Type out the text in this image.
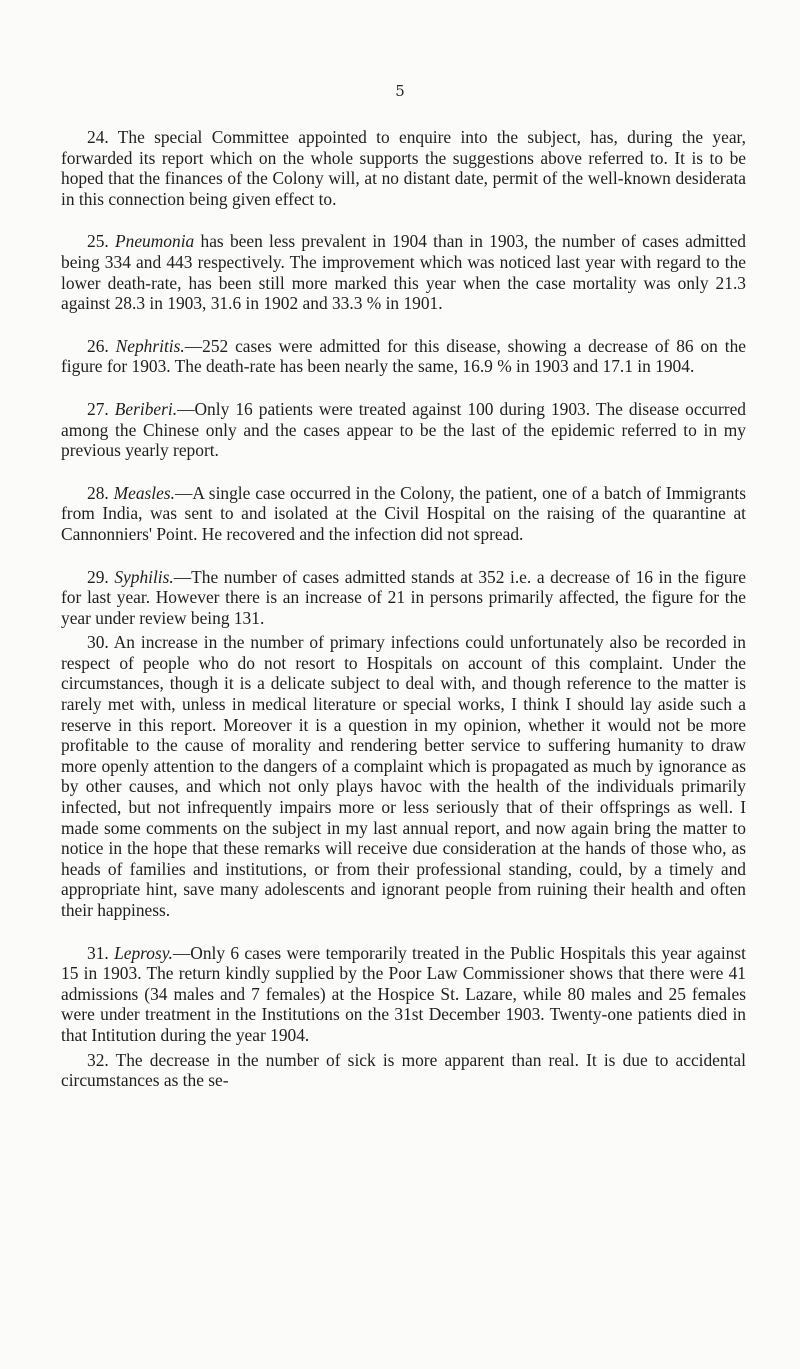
5

24. The special Committee appointed to enquire into the subject, has, during the year, forwarded its report which on the whole supports the suggestions above referred to. It is to be hoped that the finances of the Colony will, at no distant date, permit of the well-known desiderata in this connection being given effect to.

25. Pneumonia has been less prevalent in 1904 than in 1903, the number of cases admitted being 334 and 443 respectively. The improvement which was noticed last year with regard to the lower death-rate, has been still more marked this year when the case mortality was only 21.3 against 28.3 in 1903, 31.6 in 1902 and 33.3 % in 1901.

26. Nephritis.—252 cases were admitted for this disease, showing a decrease of 86 on the figure for 1903. The death-rate has been nearly the same, 16.9 % in 1903 and 17.1 in 1904.

27. Beriberi.—Only 16 patients were treated against 100 during 1903. The disease occurred among the Chinese only and the cases appear to be the last of the epidemic referred to in my previous yearly report.

28. Measles.—A single case occurred in the Colony, the patient, one of a batch of Immigrants from India, was sent to and isolated at the Civil Hospital on the raising of the quarantine at Cannonniers' Point. He recovered and the infection did not spread.

29. Syphilis.—The number of cases admitted stands at 352 i.e. a decrease of 16 in the figure for last year. However there is an increase of 21 in persons primarily affected, the figure for the year under review being 131.

30. An increase in the number of primary infections could unfortunately also be recorded in respect of people who do not resort to Hospitals on account of this complaint. Under the circumstances, though it is a delicate subject to deal with, and though reference to the matter is rarely met with, unless in medical literature or special works, I think I should lay aside such a reserve in this report. Moreover it is a question in my opinion, whether it would not be more profitable to the cause of morality and rendering better service to suffering humanity to draw more openly attention to the dangers of a complaint which is propagated as much by ignorance as by other causes, and which not only plays havoc with the health of the individuals primarily infected, but not infrequently impairs more or less seriously that of their offsprings as well. I made some comments on the subject in my last annual report, and now again bring the matter to notice in the hope that these remarks will receive due consideration at the hands of those who, as heads of families and institutions, or from their professional standing, could, by a timely and appropriate hint, save many adolescents and ignorant people from ruining their health and often their happiness.

31. Leprosy.—Only 6 cases were temporarily treated in the Public Hospitals this year against 15 in 1903. The return kindly supplied by the Poor Law Commissioner shows that there were 41 admissions (34 males and 7 females) at the Hospice St. Lazare, while 80 males and 25 females were under treatment in the Institutions on the 31st December 1903. Twenty-one patients died in that Intitution during the year 1904.

32. The decrease in the number of sick is more apparent than real. It is due to accidental circumstances as the se-
